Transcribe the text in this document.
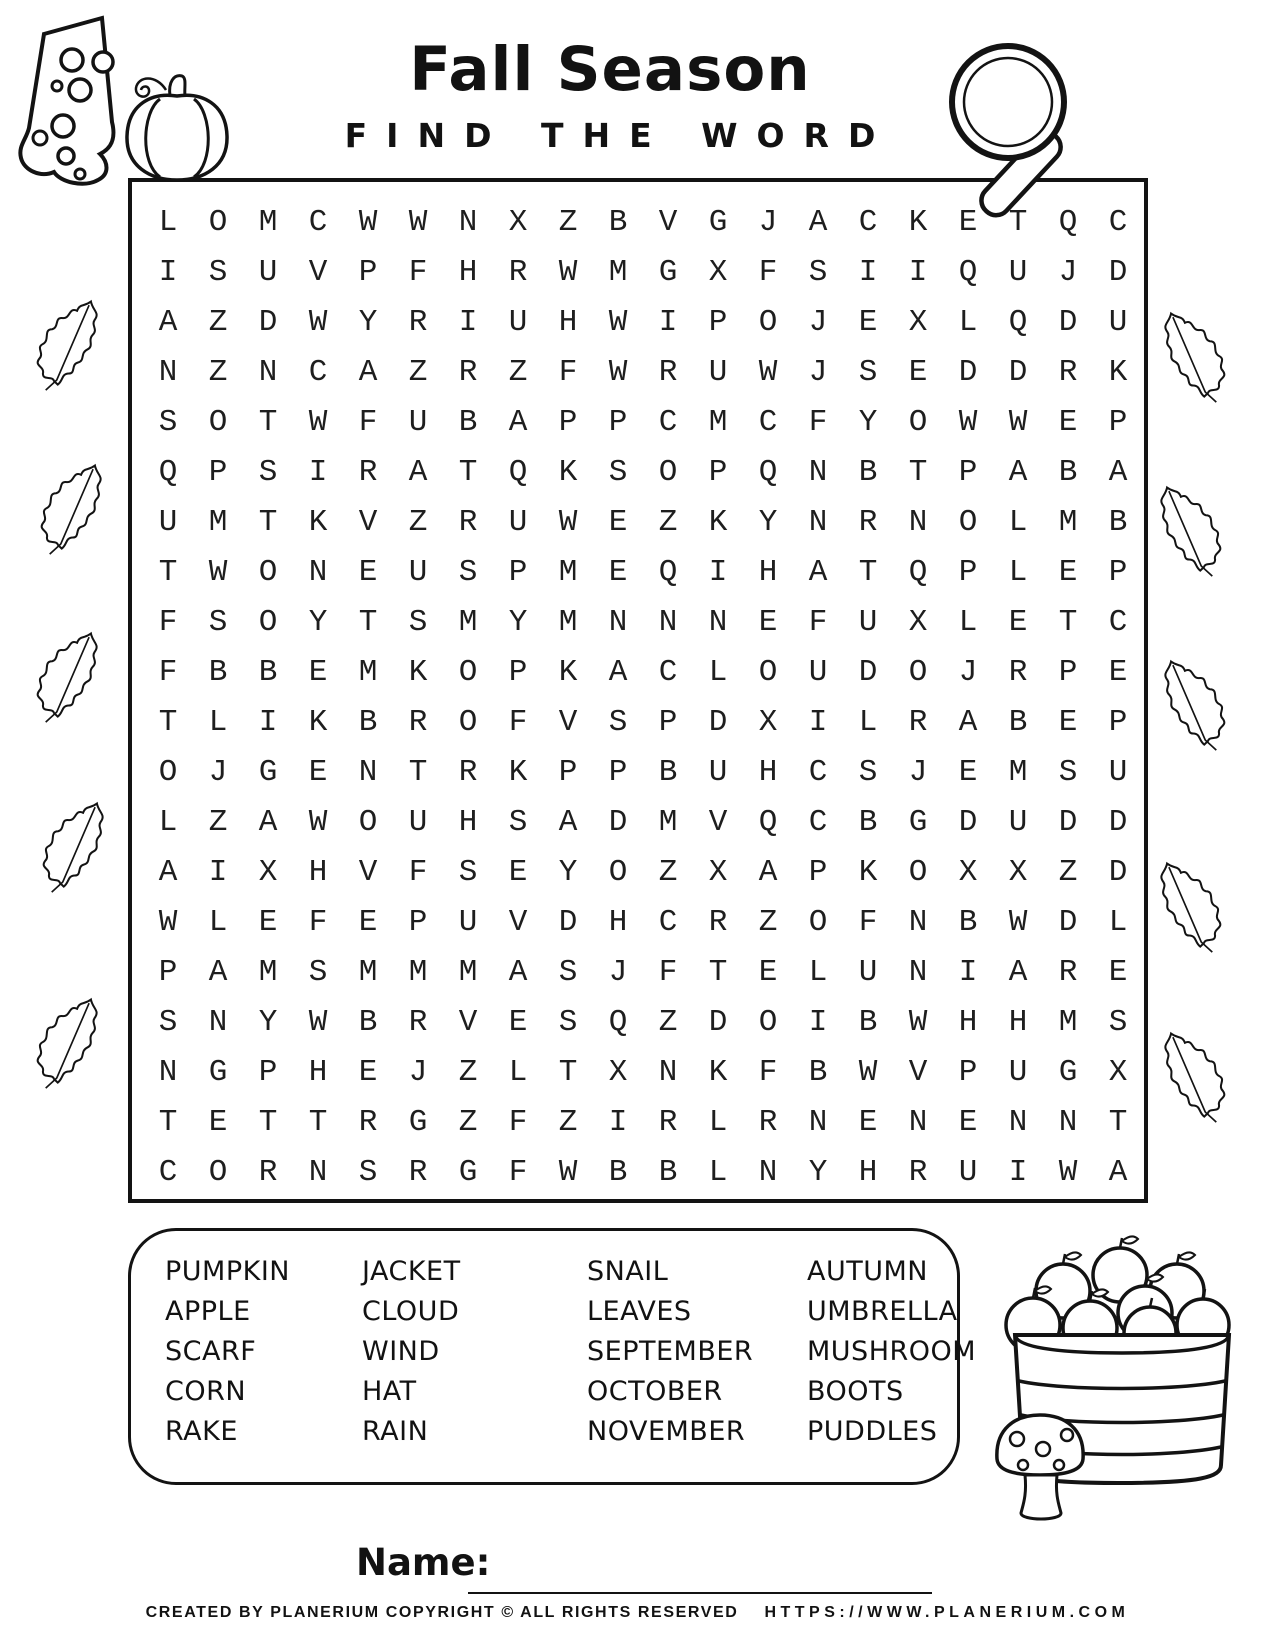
Fall Season
FIND THE WORD
L	O	M	C	W	W	N	X	Z	B	V	G	J	A	C	K	E	T	Q	C
I	S	U	V	P	F	H	R	W	M	G	X	F	S	I	I	Q	U	J	D
A	Z	D	W	Y	R	I	U	H	W	I	P	O	J	E	X	L	Q	D	U
N	Z	N	C	A	Z	R	Z	F	W	R	U	W	J	S	E	D	D	R	K
S	O	T	W	F	U	B	A	P	P	C	M	C	F	Y	O	W	W	E	P
Q	P	S	I	R	A	T	Q	K	S	O	P	Q	N	B	T	P	A	B	A
U	M	T	K	V	Z	R	U	W	E	Z	K	Y	N	R	N	O	L	M	B
T	W	O	N	E	U	S	P	M	E	Q	I	H	A	T	Q	P	L	E	P
F	S	O	Y	T	S	M	Y	M	N	N	N	E	F	U	X	L	E	T	C
F	B	B	E	M	K	O	P	K	A	C	L	O	U	D	O	J	R	P	E
T	L	I	K	B	R	O	F	V	S	P	D	X	I	L	R	A	B	E	P
O	J	G	E	N	T	R	K	P	P	B	U	H	C	S	J	E	M	S	U
L	Z	A	W	O	U	H	S	A	D	M	V	Q	C	B	G	D	U	D	D
A	I	X	H	V	F	S	E	Y	O	Z	X	A	P	K	O	X	X	Z	D
W	L	E	F	E	P	U	V	D	H	C	R	Z	O	F	N	B	W	D	L
P	A	M	S	M	M	M	A	S	J	F	T	E	L	U	N	I	A	R	E
S	N	Y	W	B	R	V	E	S	Q	Z	D	O	I	B	W	H	H	M	S
N	G	P	H	E	J	Z	L	T	X	N	K	F	B	W	V	P	U	G	X
T	E	T	T	R	G	Z	F	Z	I	R	L	R	N	E	N	E	N	N	T
C	O	R	N	S	R	G	F	W	B	B	L	N	Y	H	R	U	I	W	A
PUMPKIN
APPLE
SCARF
CORN
RAKE
JACKET
CLOUD
WIND
HAT
RAIN
SNAIL
LEAVES
SEPTEMBER
OCTOBER
NOVEMBER
AUTUMN
UMBRELLA
MUSHROOM
BOOTS
PUDDLES
Name:
CREATED BY PLANERIUM COPYRIGHT © ALL RIGHTS RESERVED HTTPS://WWW.PLANERIUM.COM
